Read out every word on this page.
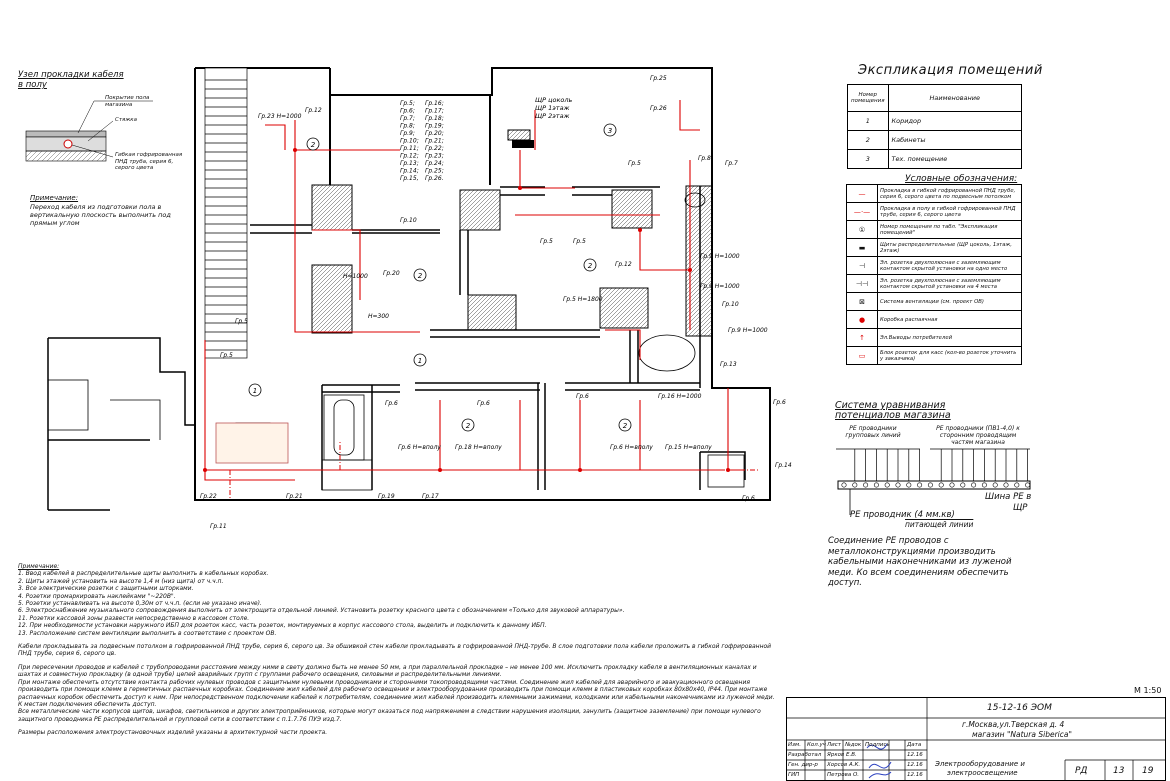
Узел прокладки кабеля в полу
Покрытие пола магазина
Стяжка
Гибкая гофрированная ПНД труба, серия 6, серого цвета
Примечание:
Переход кабеля из подготовки пола в вертикальную плоскость выполнить под прямым углом
2
2
2
3
1
1
2	2
ЩР цоколь
ЩР 1этаж
ЩР 2этаж
Гр.5;
Гр.6;
Гр.7;
Гр.8;
Гр.9;
Гр.10;
Гр.11;
Гр.12;
Гр.13;
Гр.14;
Гр.15,
Гр.16;
Гр.17;
Гр.18;
Гр.19;
Гр.20;
Гр.21;
Гр.22;
Гр.23;
Гр.24;
Гр.25;
Гр.26.
Гр.23 H=1000
Гр.12
Гр.10
Гр.20
H=1000
H=300
Гр.5
Гр.5	Гр.5
Гр.5 H=1800
Гр.12
Гр.9 H=1000
Гр.9 H=1000
Гр.10
Гр.9 H=1000
Гр.16 H=1000
Гр.13
Гр.6	Гр.6
Гр.6
Гр.6 H=вполу Гр.18 H=вполу	Гр.6 H=вполу Гр.15 H=вполу
Гр.22	Гр.21	Гр.19	Гр.17
Гр.11
Гр.14
Гр.6
Гр.6
Гр.25
Гр.26
Гр.5
Гр.8
Гр.7
Гр.5
Экспликация помещений
Номер помещения	Наименование
1	Коридор
2	Кабинеты
3	Тех. помещение
Условные обозначения:
—	Прокладка в гибкой гофрированной ПНД трубе, серия 6, серого цвета по подвесным потолком
—·—	Прокладка в полу в гибкой гофрированной ПНД трубе, серия 6, серого цвета
①	Номер помещения по табл. "Экспликация помещений"
▬	Щиты распределительные (ЩР цоколь, 1этаж, 2этаж)
⊣	Эл. розетка двухполюсная с заземляющим контактом скрытой установки на одно место
⊣⊣	Эл. розетка двухполюсная с заземляющим контактом скрытой установки на 4 места
⊠	Система вентиляции (см. проект ОВ)
●	Коробка распаячная
↑	Эл.Выводы потребителей
▭	Блок розеток для касс (кол-во розеток уточнить у заказчика)
Система уравнивания
потенциалов магазина
PE проводники групповых линий
PE проводники (ПВ1-4,0) к сторонним проводящим частям магазина
Шина PE в
ЩР
PE проводник (4 мм.кв)
питающей линии
Соединение PE проводов с металлоконструкциями производить кабельными наконечниками из луженой меди. Ко всем соединениям обеспечить доступ.

Примечание:

1. Ввод кабелей в распределительные щиты выполнить в кабельных коробах.

2. Щиты этажей установить на высоте 1,4 м (низ щита) от ч.ч.п.

3. Все электрические розетки с защитными шторками.

4. Розетки промаркировать наклейками "~220В".

5. Розетки устанавливать на высоте 0,30м от ч.ч.п. (если не указано иначе).

6. Электроснабжение музыкального сопровождения выполнить от электрощита отдельной линией. Установить розетку красного цвета с обозначением «Только для звуковой аппаратуры».

11. Розетки кассовой зоны развести непосредственно в кассовом столе.

12. При необходимости установки наружного ИБП для розеток касс, часть розеток, монтируемых в корпус кассового стола, выделить и подключить к данному ИБП.

13. Расположение систем вентиляции выполнить в соответствие с проектом ОВ.

Кабели прокладывать за подвесным потолком в гофрированной ПНД трубе, серия 6, серого цв. За обшивкой стен кабели прокладывать в гофрированной ПНД-трубе. В слое подготовки пола кабели проложить в гибкой гофрированной ПНД трубе, серия 6, серого цв.

При пересечении проводов и кабелей с трубопроводами расстояние между ними в свету должно быть не менее 50 мм, а при параллельной прокладке – не менее 100 мм. Исключить прокладку кабеля в вентиляционных каналах и шахтах и совместную прокладку (в одной трубе) цепей аварийных групп с группами рабочего освещения, силовыми и распределительными линиями.

При монтаже обеспечить отсутствие контакта рабочих нулевых проводов с защитными нулевыми проводниками и сторонними токопроводящими частями. Соединение жил кабелей для аварийного и эвакуационного освещения производить при помощи клемм в герметичных распаечных коробках. Соединение жил кабелей для рабочего освещения и электрооборудования производить при помощи клемм в пластиковых коробках 80х80х40, IP44. При монтаже распаечных коробок обеспечить доступ к ним. При непосредственном подключении кабелей к потребителям, соединение жил кабелей производить клеммными зажимами, колодками или кабельными наконечниками из луженой меди. К местам подключения обеспечить доступ.

Все металлические части корпусов щитов, шкафов, светильников и других электроприёмников, которые могут оказаться под напряжением в следствии нарушения изоляции, занулить (защитное заземление) при помощи нулевого защитного проводника PE распределительной и групповой сети в соответствии с п.1.7.76 ПУЭ изд.7.

Размеры расположения электроустановочных изделий указаны в архитектурной части проекта.

М 1:50
15-12-16 ЭОМ
г.Москва,ул.Тверская д. 4
магазин "Natura Siberica"
Изм. Кол.уч Лист №док Подпись	Дата
Разработал Ярков Е.В.	12.16
Ген. дир-р Хорсов А.К.	12.16
ГИП	Петрова О.	12.16
Электрооборудование и
электроосвещение	РД	13 19
